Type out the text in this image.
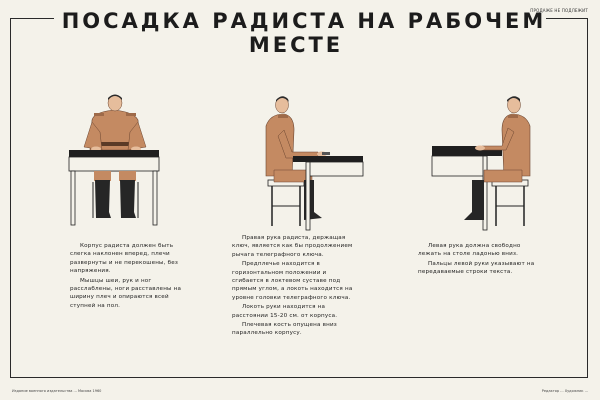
ПОСАДКА РАДИСТА НА РАБОЧЕМ МЕСТЕ
ПРОДАЖЕ НЕ ПОДЛЕЖИТ

Корпус радиста должен быть слегка наклонен вперед, плечи развернуты и не перекошены, без напряжения.

Мышцы шеи, рук и ног расслаблены, ноги расставлены на ширину плеч и опираются всей ступней на пол.

Правая рука радиста, держащая ключ, является как бы продолжением рычага телеграфного ключа.

Предплечье находится в горизонтальном положении и сгибается в локтевом суставе под прямым углом, а локоть находится на уровне головки телеграфного ключа.

Локоть руки находится на расстоянии 15-20 см. от корпуса.

Плечевая кость опущена вниз параллельно корпусу.

Левая рука должна свободно лежать на столе ладонью вниз.

Пальцы левой руки указывают на передаваемые строки текста.

Издание военного издательства ... Москва 1960	Редактор ... Художник ...
